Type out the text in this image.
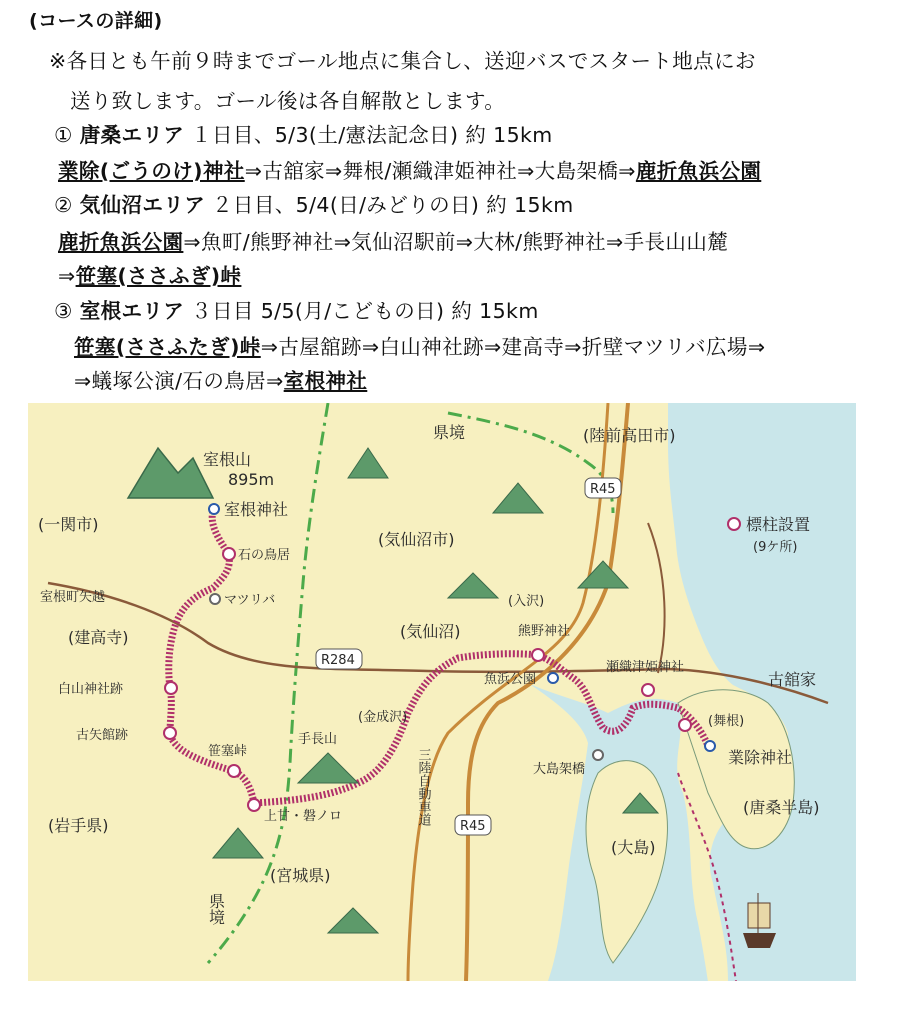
(コースの詳細)
※各日とも午前９時までゴール地点に集合し、送迎バスでスタート地点にお
送り致します。ゴール後は各自解散とします。
① 唐桑エリア １日目、5/3(土/憲法記念日) 約 15km
業除(ごうのけ)神社⇒古舘家⇒舞根/瀬織津姫神社⇒大島架橋⇒鹿折魚浜公園
② 気仙沼エリア ２日目、5/4(日/みどりの日) 約 15km
鹿折魚浜公園⇒魚町/熊野神社⇒気仙沼駅前⇒大林/熊野神社⇒手長山山麓
⇒笹塞(ささふぎ)峠
③ 室根エリア ３日目 5/5(月/こどもの日) 約 15km
笹塞(ささふたぎ)峠⇒古屋舘跡⇒白山神社跡⇒建高寺⇒折壁マツリバ広場⇒
⇒蟻塚公演/石の鳥居⇒室根神社
県境	(陸前高田市)
R45
室根山
895m
室根神社
(一関市)
(気仙沼市)
標柱設置
(9ケ所)
石の鳥居
室根町矢越	マツリバ	(入沢)
(建高寺)	(気仙沼)	熊野神社
R284	瀬織津姫神社
古舘家
白山神社跡
魚浜公園
(金成沢)	(舞根)
古矢館跡
笹塞峠
手長山
大島架橋
業除神社
上甘・磐ノロ
(岩手県)	R45
(唐桑半島)
(大島)
(宮城県)
三陸自動車道
県境
